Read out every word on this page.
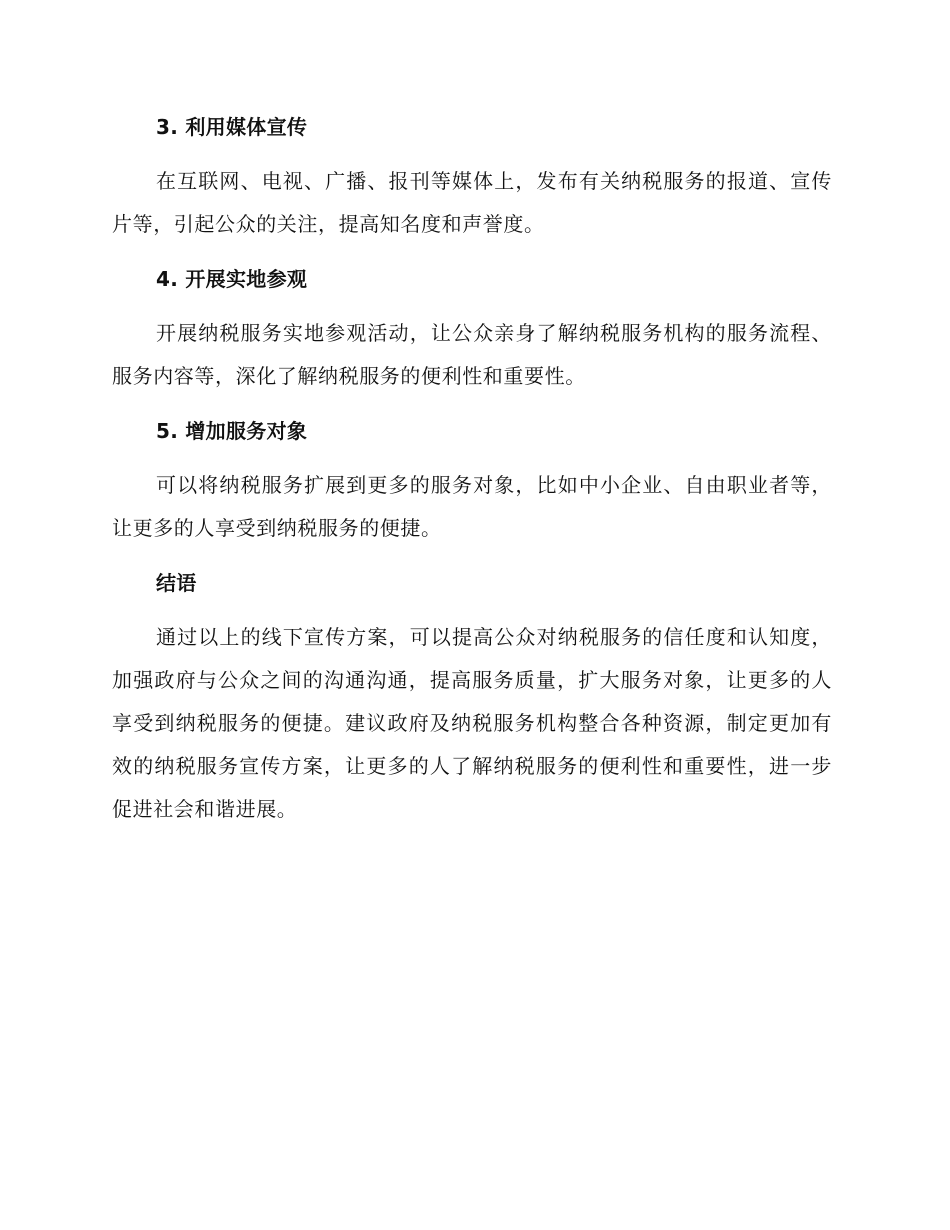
3. 利用媒体宣传

在互联网、电视、广播、报刊等媒体上，发布有关纳税服务的报道、宣传片等，引起公众的关注，提高知名度和声誉度。

4. 开展实地参观

开展纳税服务实地参观活动，让公众亲身了解纳税服务机构的服务流程、服务内容等，深化了解纳税服务的便利性和重要性。

5. 增加服务对象

可以将纳税服务扩展到更多的服务对象，比如中小企业、自由职业者等，让更多的人享受到纳税服务的便捷。

结语

通过以上的线下宣传方案，可以提高公众对纳税服务的信任度和认知度，加强政府与公众之间的沟通沟通，提高服务质量，扩大服务对象，让更多的人享受到纳税服务的便捷。建议政府及纳税服务机构整合各种资源，制定更加有效的纳税服务宣传方案，让更多的人了解纳税服务的便利性和重要性，进一步促进社会和谐进展。
